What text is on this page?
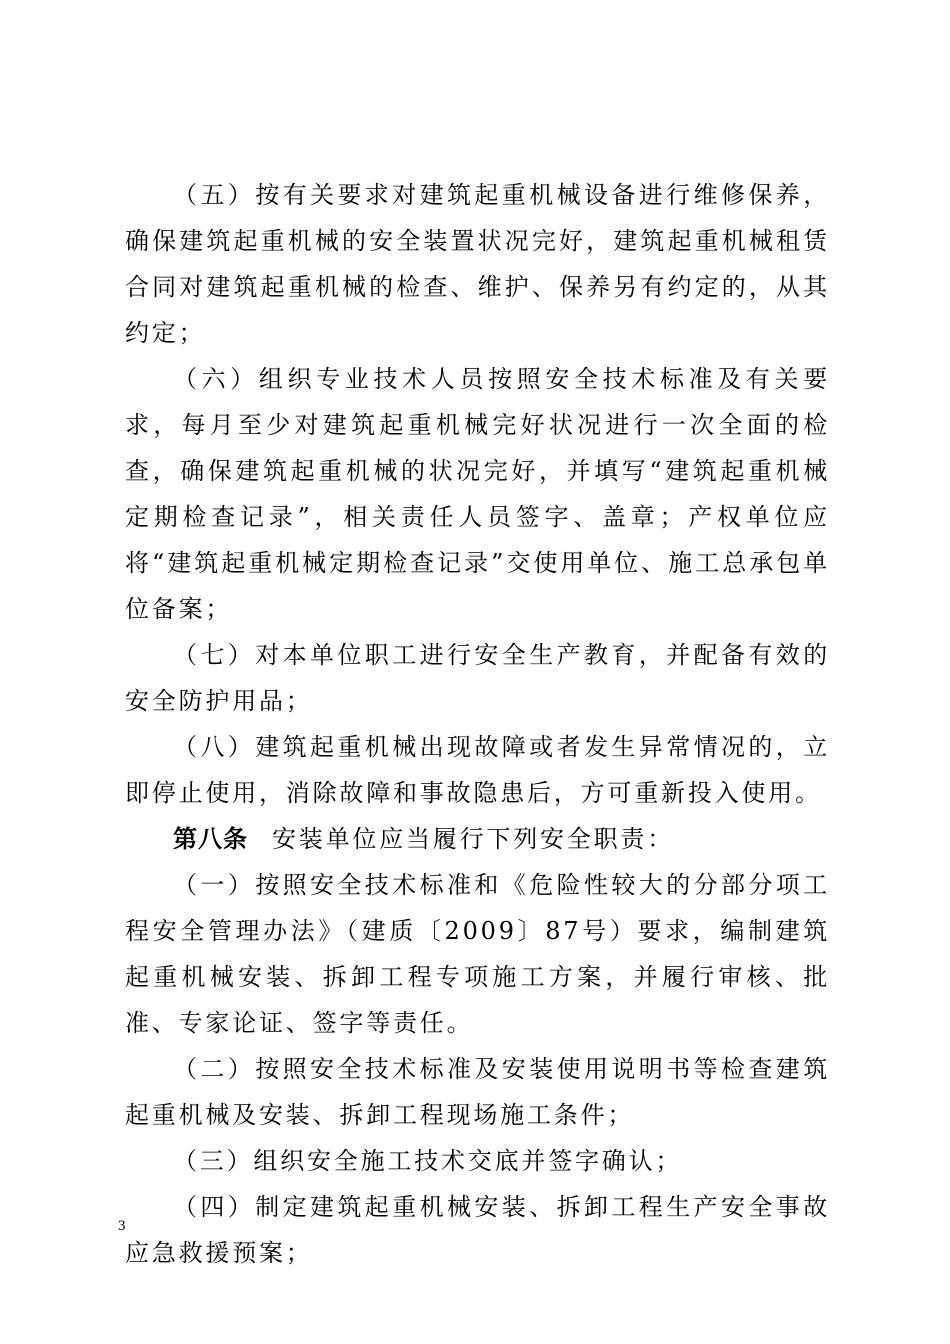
（五）按有关要求对建筑起重机械设备进行维修保养，确保建筑起重机械的安全装置状况完好，建筑起重机械租赁合同对建筑起重机械的检查、维护、保养另有约定的，从其约定；

（六）组织专业技术人员按照安全技术标准及有关要求，每月至少对建筑起重机械完好状况进行一次全面的检查，确保建筑起重机械的状况完好，并填写“建筑起重机械定期检查记录”，相关责任人员签字、盖章；产权单位应将“建筑起重机械定期检查记录”交使用单位、施工总承包单位备案；

（七）对本单位职工进行安全生产教育，并配备有效的安全防护用品；

（八）建筑起重机械出现故障或者发生异常情况的，立即停止使用，消除故障和事故隐患后，方可重新投入使用。

第八条 安装单位应当履行下列安全职责：

（一）按照安全技术标准和《危险性较大的分部分项工程安全管理办法》（建质〔2009〕87号）要求，编制建筑起重机械安装、拆卸工程专项施工方案，并履行审核、批准、专家论证、签字等责任。

（二）按照安全技术标准及安装使用说明书等检查建筑起重机械及安装、拆卸工程现场施工条件；

（三）组织安全施工技术交底并签字确认；

（四）制定建筑起重机械安装、拆卸工程生产安全事故应急救援预案；

3
